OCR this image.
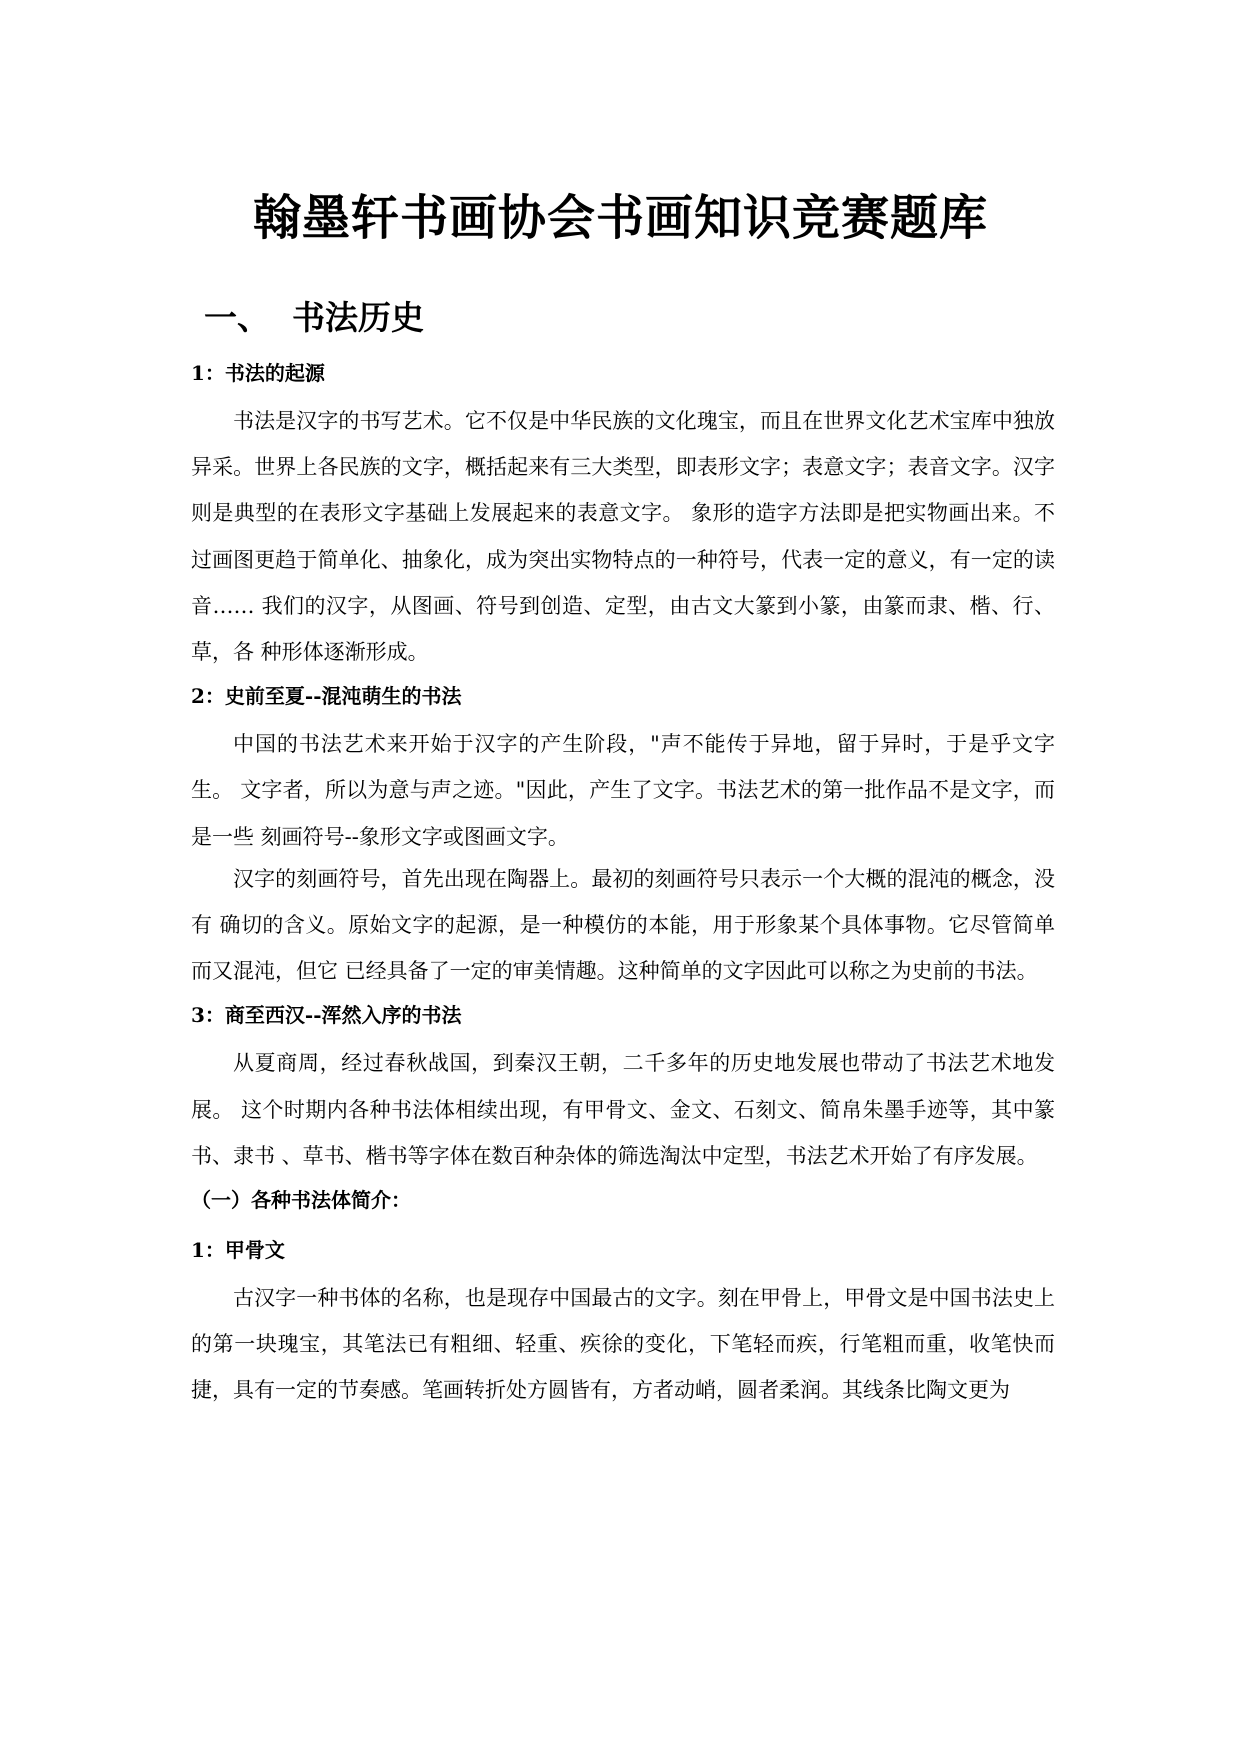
翰墨轩书画协会书画知识竞赛题库
一、 书法历史
1：书法的起源

书法是汉字的书写艺术。它不仅是中华民族的文化瑰宝，而且在世界文化艺术宝库中独放异采。世界上各民族的文字，概括起来有三大类型，即表形文字；表意文字；表音文字。汉字则是典型的在表形文字基础上发展起来的表意文字。 象形的造字方法即是把实物画出来。不过画图更趋于简单化、抽象化，成为突出实物特点的一种符号，代表一定的意义，有一定的读音…… 我们的汉字，从图画、符号到创造、定型，由古文大篆到小篆，由篆而隶、楷、行、草，各 种形体逐渐形成。

2：史前至夏--混沌萌生的书法

中国的书法艺术来开始于汉字的产生阶段，"声不能传于异地，留于异时，于是乎文字生。 文字者，所以为意与声之迹。"因此，产生了文字。书法艺术的第一批作品不是文字，而是一些 刻画符号--象形文字或图画文字。

汉字的刻画符号，首先出现在陶器上。最初的刻画符号只表示一个大概的混沌的概念，没有 确切的含义。原始文字的起源，是一种模仿的本能，用于形象某个具体事物。它尽管简单而又混沌，但它 已经具备了一定的审美情趣。这种简单的文字因此可以称之为史前的书法。

3：商至西汉--浑然入序的书法

从夏商周，经过春秋战国，到秦汉王朝，二千多年的历史地发展也带动了书法艺术地发展。 这个时期内各种书法体相续出现，有甲骨文、金文、石刻文、简帛朱墨手迹等，其中篆书、隶书 、草书、楷书等字体在数百种杂体的筛选淘汰中定型，书法艺术开始了有序发展。

（一）各种书法体简介：
1：甲骨文

古汉字一种书体的名称，也是现存中国最古的文字。刻在甲骨上，甲骨文是中国书法史上的第一块瑰宝，其笔法已有粗细、轻重、疾徐的变化，下笔轻而疾，行笔粗而重，收笔快而捷，具有一定的节奏感。笔画转折处方圆皆有，方者动峭，圆者柔润。其线条比陶文更为
